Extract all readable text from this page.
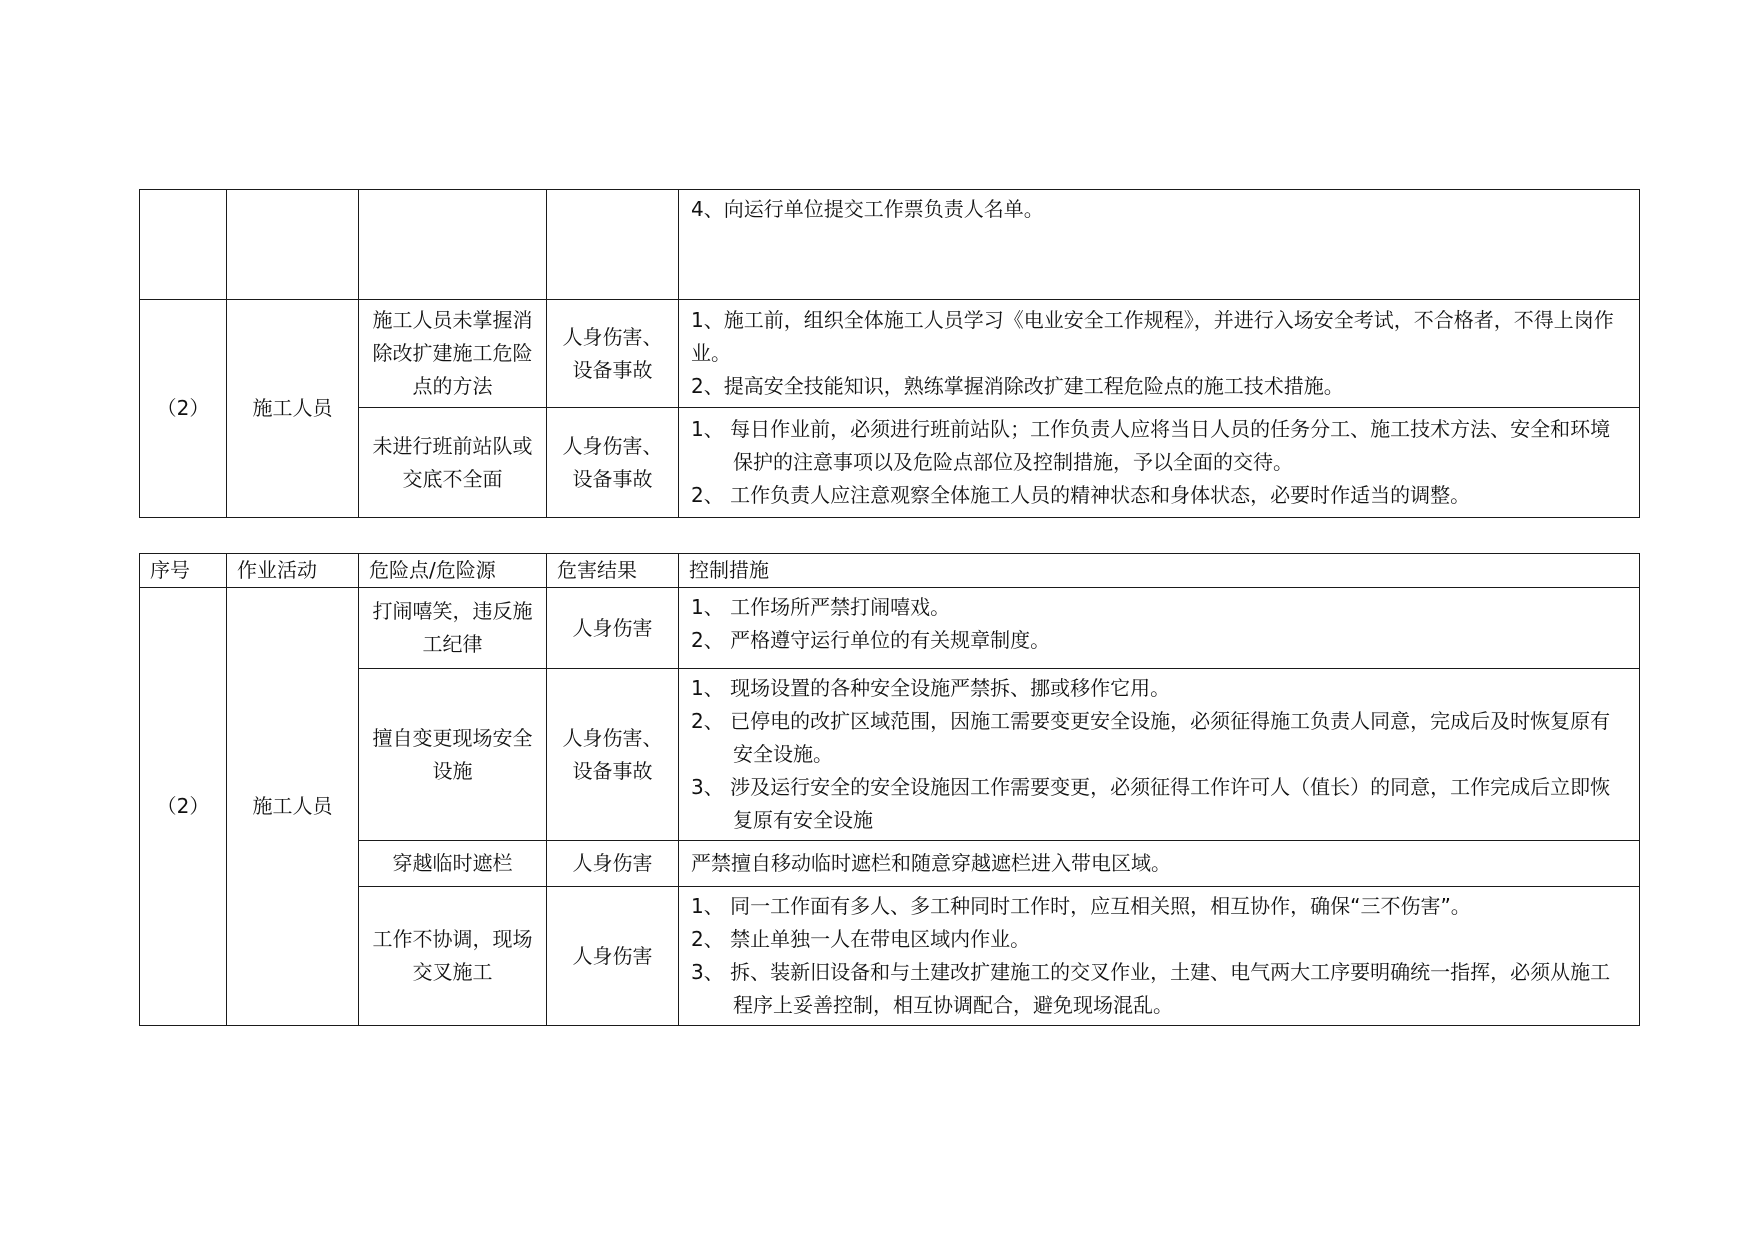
				4、向运行单位提交工作票负责人名单。

（2）	施工人员	施工人员未掌握消除改扩建施工危险点的方法	人身伤害、设备事故	1、施工前，组织全体施工人员学习《电业安全工作规程》，并进行入场安全考试，不合格者，不得上岗作业。
2、提高安全技能知识，熟练掌握消除改扩建工程危险点的施工技术措施。

		未进行班前站队或交底不全面	人身伤害、设备事故	1、 每日作业前，必须进行班前站队；工作负责人应将当日人员的任务分工、施工技术方法、安全和环境保护的注意事项以及危险点部位及控制措施，予以全面的交待。
2、 工作负责人应注意观察全体施工人员的精神状态和身体状态，必要时作适当的调整。
序号	作业活动	危险点/危险源	危害结果	控制措施
（2）	施工人员	打闹嘻笑，违反施工纪律	人身伤害	1、 工作场所严禁打闹嘻戏。
2、 严格遵守运行单位的有关规章制度。

		擅自变更现场安全设施	人身伤害、设备事故	1、 现场设置的各种安全设施严禁拆、挪或移作它用。
2、 已停电的改扩区域范围，因施工需要变更安全设施，必须征得施工负责人同意，完成后及时恢复原有安全设施。
3、 涉及运行安全的安全设施因工作需要变更，必须征得工作许可人（值长）的同意，工作完成后立即恢复原有安全设施

		穿越临时遮栏	人身伤害	严禁擅自移动临时遮栏和随意穿越遮栏进入带电区域。

		工作不协调，现场交叉施工	人身伤害	1、 同一工作面有多人、多工种同时工作时，应互相关照，相互协作，确保“三不伤害”。
2、 禁止单独一人在带电区域内作业。
3、 拆、装新旧设备和与土建改扩建施工的交叉作业，土建、电气两大工序要明确统一指挥，必须从施工程序上妥善控制，相互协调配合，避免现场混乱。
